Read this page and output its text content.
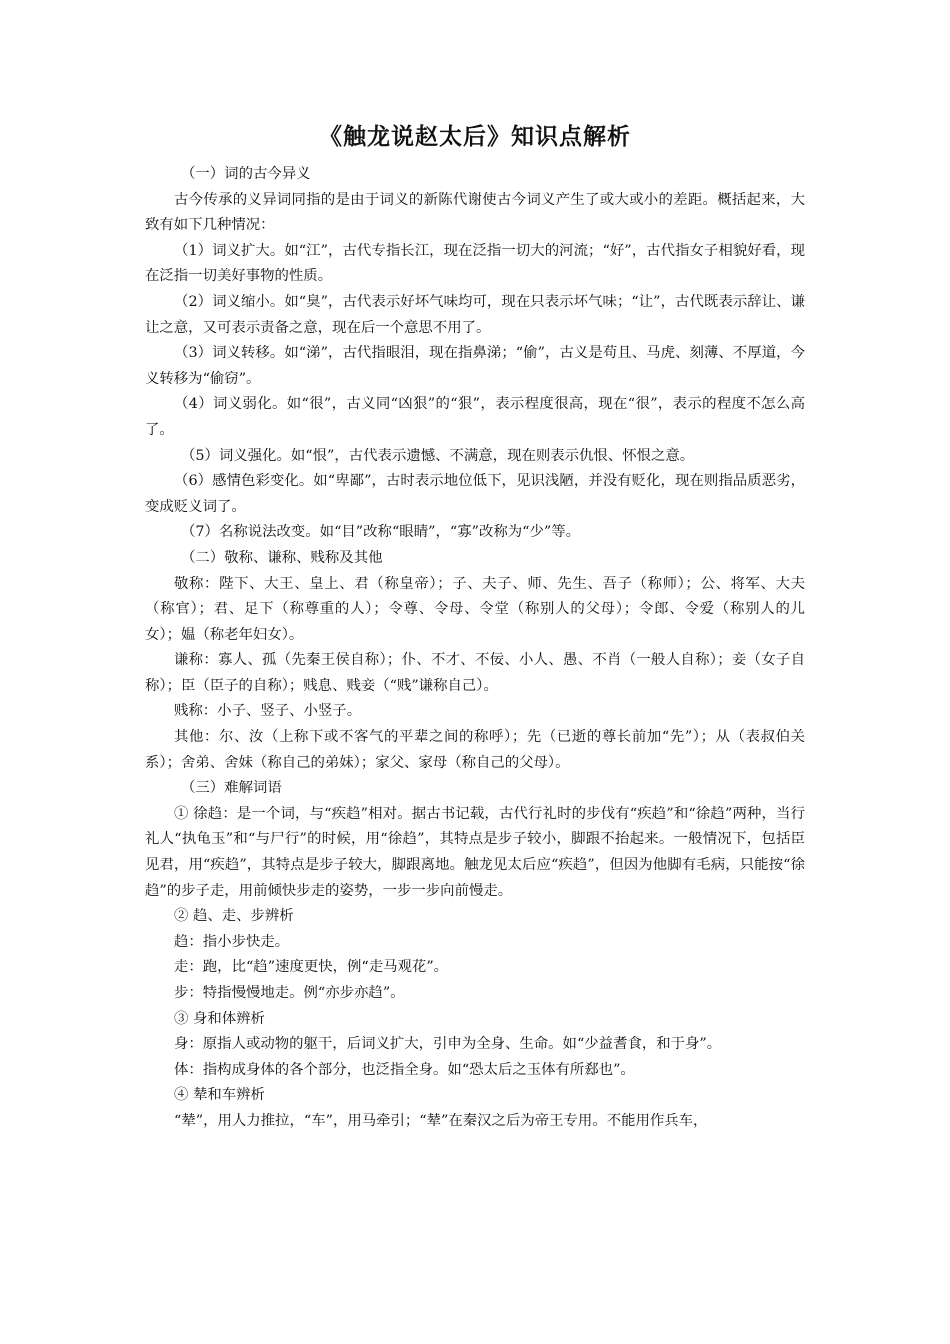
《触龙说赵太后》知识点解析

（一）词的古今异义

古今传承的义异词同指的是由于词义的新陈代谢使古今词义产生了或大或小的差距。概括起来，大致有如下几种情况：

（1）词义扩大。如“江”，古代专指长江，现在泛指一切大的河流；“好”，古代指女子相貌好看，现在泛指一切美好事物的性质。

（2）词义缩小。如“臭”，古代表示好坏气味均可，现在只表示坏气味；“让”，古代既表示辞让、谦让之意，又可表示责备之意，现在后一个意思不用了。

（3）词义转移。如“涕”，古代指眼泪，现在指鼻涕；“偷”，古义是苟且、马虎、刻薄、不厚道，今义转移为“偷窃”。

（4）词义弱化。如“很”，古义同“凶狠”的“狠”，表示程度很高，现在“很”，表示的程度不怎么高了。

（5）词义强化。如“恨”，古代表示遗憾、不满意，现在则表示仇恨、怀恨之意。

（6）感情色彩变化。如“卑鄙”，古时表示地位低下，见识浅陋，并没有贬化，现在则指品质恶劣，变成贬义词了。

（7）名称说法改变。如“目”改称“眼睛”，“寡”改称为“少”等。

（二）敬称、谦称、贱称及其他

敬称：陛下、大王、皇上、君（称皇帝）；子、夫子、师、先生、吾子（称师）；公、将军、大夫（称官）；君、足下（称尊重的人）；令尊、令母、令堂（称别人的父母）；令郎、令爱（称别人的儿女）；媪（称老年妇女）。

谦称：寡人、孤（先秦王侯自称）；仆、不才、不佞、小人、愚、不肖（一般人自称）；妾（女子自称）；臣（臣子的自称）；贱息、贱妾（“贱”谦称自己）。

贱称：小子、竖子、小竖子。

其他：尔、汝（上称下或不客气的平辈之间的称呼）；先（已逝的尊长前加“先”）；从（表叔伯关系）；舍弟、舍妹（称自己的弟妹）；家父、家母（称自己的父母）。

（三）难解词语

① 徐趋：是一个词，与“疾趋”相对。据古书记载，古代行礼时的步伐有“疾趋”和“徐趋”两种，当行礼人“执龟玉”和“与尸行”的时候，用“徐趋”，其特点是步子较小，脚跟不抬起来。一般情况下，包括臣见君，用“疾趋”，其特点是步子较大，脚跟离地。触龙见太后应“疾趋”，但因为他脚有毛病，只能按“徐趋”的步子走，用前倾快步走的姿势，一步一步向前慢走。

② 趋、走、步辨析

趋：指小步快走。

走：跑，比“趋”速度更快，例“走马观花”。

步：特指慢慢地走。例“亦步亦趋”。

③ 身和体辨析

身：原指人或动物的躯干，后词义扩大，引申为全身、生命。如“少益耆食，和于身”。

体：指构成身体的各个部分，也泛指全身。如“恐太后之玉体有所郄也”。

④ 辇和车辨析

“辇”，用人力推拉，“车”，用马牵引；“辇”在秦汉之后为帝王专用。不能用作兵车，
